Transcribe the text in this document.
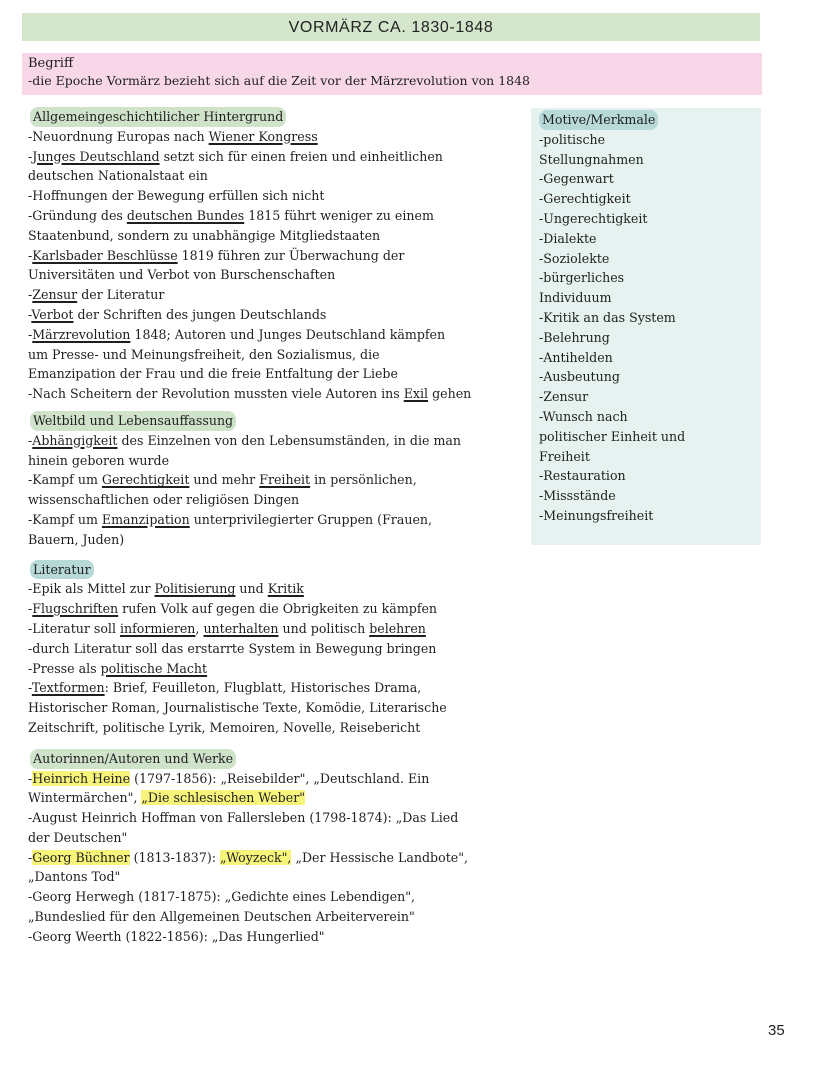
VORMÄRZ CA. 1830-1848
Begriff
-die Epoche Vormärz bezieht sich auf die Zeit vor der Märzrevolution von 1848
Allgemeingeschichtilicher Hintergrund
-Neuordnung Europas nach Wiener Kongress
-Junges Deutschland setzt sich für einen freien und einheitlichen
deutschen Nationalstaat ein
-Hoffnungen der Bewegung erfüllen sich nicht
-Gründung des deutschen Bundes 1815 führt weniger zu einem
Staatenbund, sondern zu unabhängige Mitgliedstaaten
-Karlsbader Beschlüsse 1819 führen zur Überwachung der
Universitäten und Verbot von Burschenschaften
-Zensur der Literatur
-Verbot der Schriften des jungen Deutschlands
-Märzrevolution 1848; Autoren und Junges Deutschland kämpfen
um Presse- und Meinungsfreiheit, den Sozialismus, die
Emanzipation der Frau und die freie Entfaltung der Liebe
-Nach Scheitern der Revolution mussten viele Autoren ins Exil gehen
Weltbild und Lebensauffassung
-Abhängigkeit des Einzelnen von den Lebensumständen, in die man
hinein geboren wurde
-Kampf um Gerechtigkeit und mehr Freiheit in persönlichen,
wissenschaftlichen oder religiösen Dingen
-Kampf um Emanzipation unterprivilegierter Gruppen (Frauen,
Bauern, Juden)
Literatur
-Epik als Mittel zur Politisierung und Kritik
-Flugschriften rufen Volk auf gegen die Obrigkeiten zu kämpfen
-Literatur soll informieren, unterhalten und politisch belehren
-durch Literatur soll das erstarrte System in Bewegung bringen
-Presse als politische Macht
-Textformen: Brief, Feuilleton, Flugblatt, Historisches Drama,
Historischer Roman, Journalistische Texte, Komödie, Literarische
Zeitschrift, politische Lyrik, Memoiren, Novelle, Reisebericht
Autorinnen/Autoren und Werke
-Heinrich Heine (1797-1856): „Reisebilder", „Deutschland. Ein
Wintermärchen", „Die schlesischen Weber"
-August Heinrich Hoffman von Fallersleben (1798-1874): „Das Lied
der Deutschen"
-Georg Büchner (1813-1837): „Woyzeck", „Der Hessische Landbote",
„Dantons Tod"
-Georg Herwegh (1817-1875): „Gedichte eines Lebendigen",
„Bundeslied für den Allgemeinen Deutschen Arbeiterverein"
-Georg Weerth (1822-1856): „Das Hungerlied"
Motive/Merkmale
-politische
Stellungnahmen
-Gegenwart
-Gerechtigkeit
-Ungerechtigkeit
-Dialekte
-Soziolekte
-bürgerliches
Individuum
-Kritik an das System
-Belehrung
-Antihelden
-Ausbeutung
-Zensur
-Wunsch nach
politischer Einheit und
Freiheit
-Restauration
-Missstände
-Meinungsfreiheit
35
